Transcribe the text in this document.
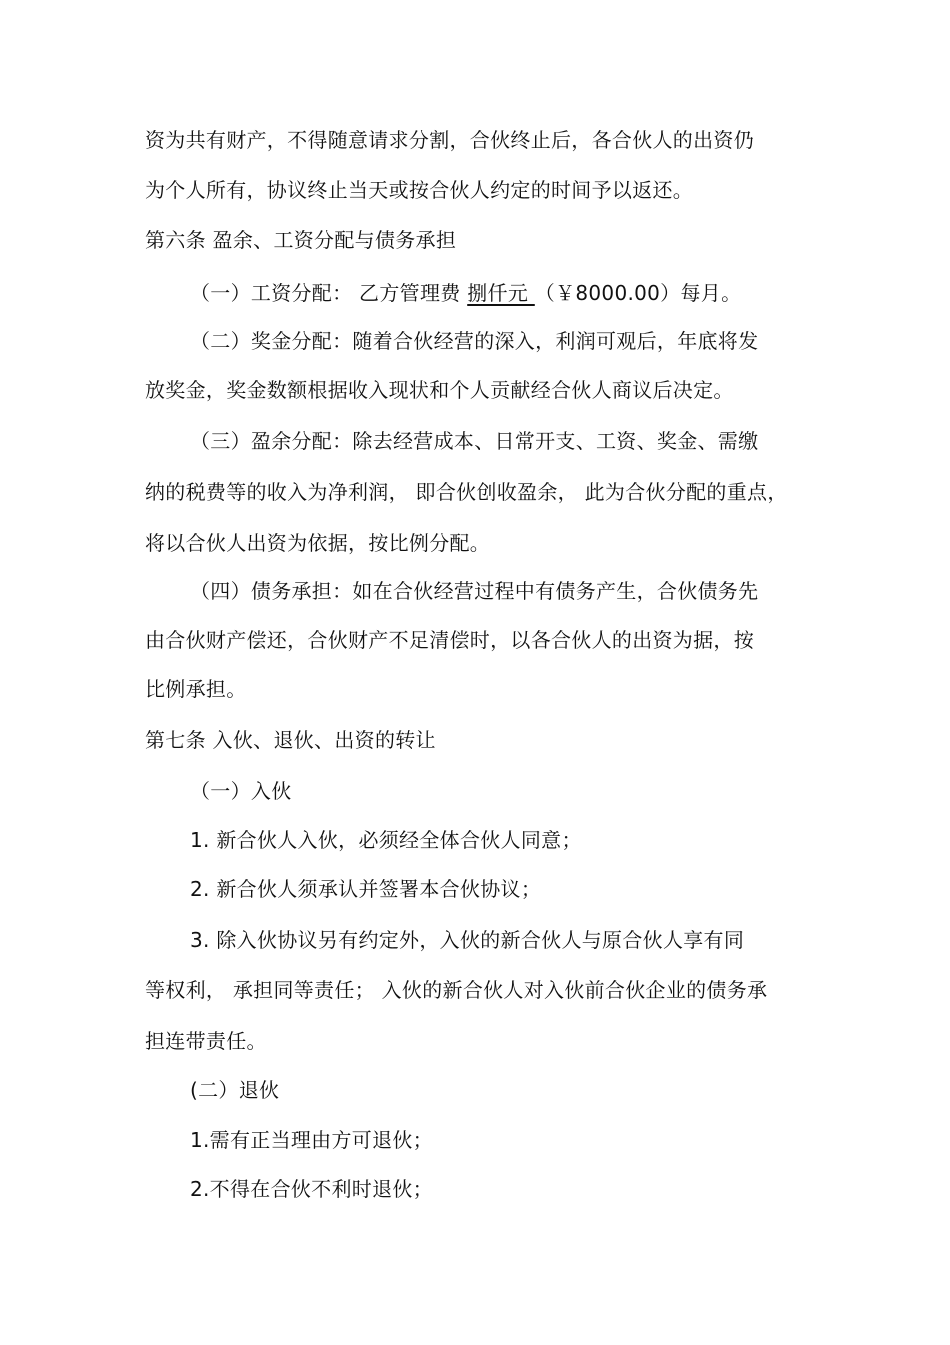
资为共有财产，不得随意请求分割，合伙终止后，各合伙人的出资仍
为个人所有，协议终止当天或按合伙人约定的时间予以返还。
第六条 盈余、工资分配与债务承担
（一）工资分配： 乙方管理费 捌仟元 （￥8000.00）每月。
（二）奖金分配：随着合伙经营的深入，利润可观后，年底将发
放奖金，奖金数额根据收入现状和个人贡献经合伙人商议后决定。
（三）盈余分配：除去经营成本、日常开支、工资、奖金、需缴
纳的税费等的收入为净利润， 即合伙创收盈余， 此为合伙分配的重点，
将以合伙人出资为依据，按比例分配。
（四）债务承担：如在合伙经营过程中有债务产生，合伙债务先
由合伙财产偿还，合伙财产不足清偿时，以各合伙人的出资为据，按
比例承担。
第七条 入伙、退伙、出资的转让
（一）入伙
1. 新合伙人入伙，必须经全体合伙人同意；
2. 新合伙人须承认并签署本合伙协议；
3. 除入伙协议另有约定外，入伙的新合伙人与原合伙人享有同
等权利， 承担同等责任； 入伙的新合伙人对入伙前合伙企业的债务承
担连带责任。
(二）退伙
1.需有正当理由方可退伙；
2.不得在合伙不利时退伙；
